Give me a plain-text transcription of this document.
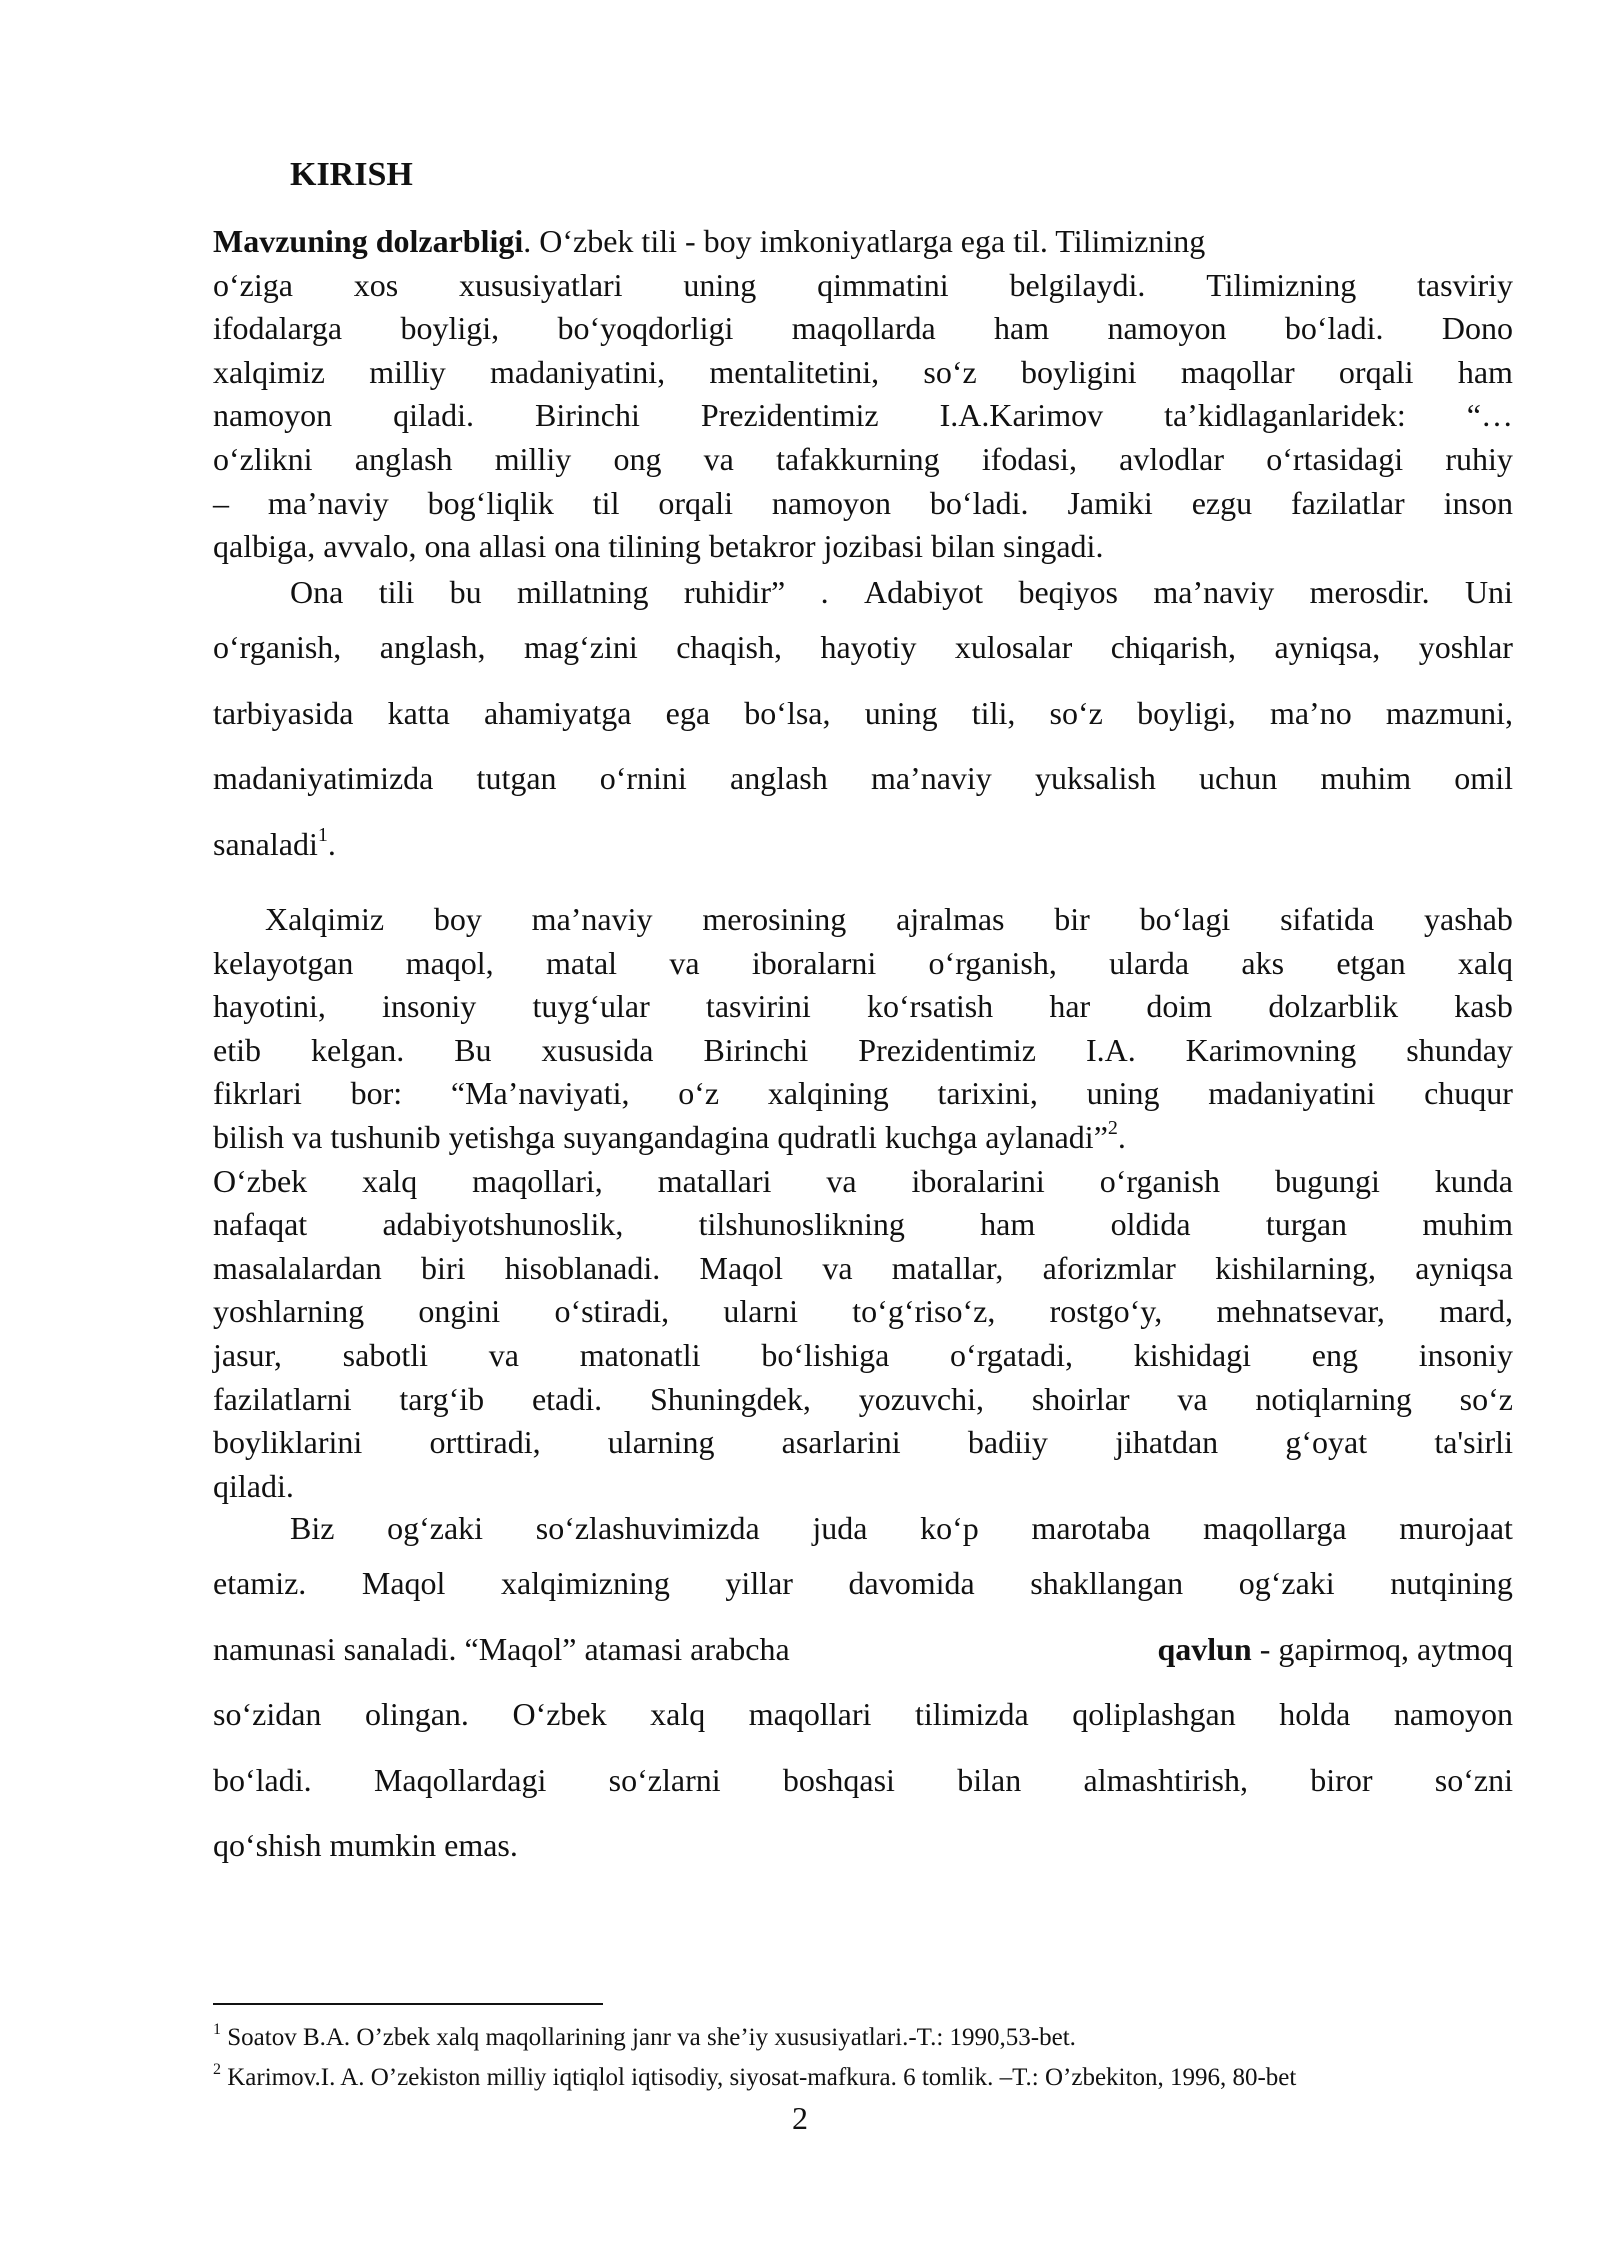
KIRISH
Mavzuning dolzarbligi. O‘zbek tili - boy imkoniyatlarga ega til. Tilimizning
o‘ziga xos xususiyatlari uning qimmatini belgilaydi. Tilimizning tasviriy
ifodalarga boyligi, bo‘yoqdorligi maqollarda ham namoyon bo‘ladi. Dono
xalqimiz milliy madaniyatini, mentalitetini, so‘z boyligini maqollar orqali ham
namoyon qiladi. Birinchi Prezidentimiz I.A.Karimov ta’kidlaganlaridek: “…
o‘zlikni anglash milliy ong va tafakkurning ifodasi, avlodlar o‘rtasidagi ruhiy
– ma’naviy bog‘liqlik til orqali namoyon bo‘ladi. Jamiki ezgu fazilatlar inson
qalbiga, avvalo, ona allasi ona tilining betakror jozibasi bilan singadi.
Ona tili bu millatning ruhidir” . Adabiyot beqiyos ma’naviy merosdir. Uni
o‘rganish, anglash, mag‘zini chaqish, hayotiy xulosalar chiqarish, ayniqsa, yoshlar
tarbiyasida katta ahamiyatga ega bo‘lsa, uning tili, so‘z boyligi, ma’no mazmuni,
madaniyatimizda tutgan o‘rnini anglash ma’naviy yuksalish uchun muhim omil
sanaladi$^1$.
Xalqimiz boy ma’naviy merosining ajralmas bir bo‘lagi sifatida yashab
kelayotgan maqol, matal va iboralarni o‘rganish, ularda aks etgan xalq
hayotini, insoniy tuyg‘ular tasvirini ko‘rsatish har doim dolzarblik kasb
etib kelgan. Bu xususida Birinchi Prezidentimiz I.A. Karimovning shunday
fikrlari bor: “Ma’naviyati, o‘z xalqining tarixini, uning madaniyatini chuqur
bilish va tushunib yetishga suyangandagina qudratli kuchga aylanadi”$^2$.
O‘zbek xalq maqollari, matallari va iboralarini o‘rganish bugungi kunda
nafaqat adabiyotshunoslik, tilshunoslikning ham oldida turgan muhim
masalalardan biri hisoblanadi. Maqol va matallar, aforizmlar kishilarning, ayniqsa
yoshlarning ongini o‘stiradi, ularni to‘g‘riso‘z, rostgo‘y, mehnatsevar, mard,
jasur, sabotli va matonatli bo‘lishiga o‘rgatadi, kishidagi eng insoniy
fazilatlarni targ‘ib etadi. Shuningdek, yozuvchi, shoirlar va notiqlarning so‘z
boyliklarini orttiradi, ularning asarlarini badiiy jihatdan g‘oyat ta'sirli
qiladi.
Biz og‘zaki so‘zlashuvimizda juda ko‘p marotaba maqollarga murojaat
etamiz. Maqol xalqimizning yillar davomida shakllangan og‘zaki nutqining
namunasi sanaladi. “Maqol” atamasi arabcha	qavlun - gapirmoq, aytmoq
so‘zidan olingan. O‘zbek xalq maqollari tilimizda qoliplashgan holda namoyon
bo‘ladi. Maqollardagi so‘zlarni boshqasi bilan almashtirish, biror so‘zni
qo‘shish mumkin emas.
$^1$ Soatov B.A. O’zbek xalq maqollarining janr va she’iy xususiyatlari.-T.: 1990,53-bet.
$^2$ Karimov.I. A. O’zekiston milliy iqtiqlol iqtisodiy, siyosat-mafkura. 6 tomlik. –T.: O’zbekiton, 1996, 80-bet
2
